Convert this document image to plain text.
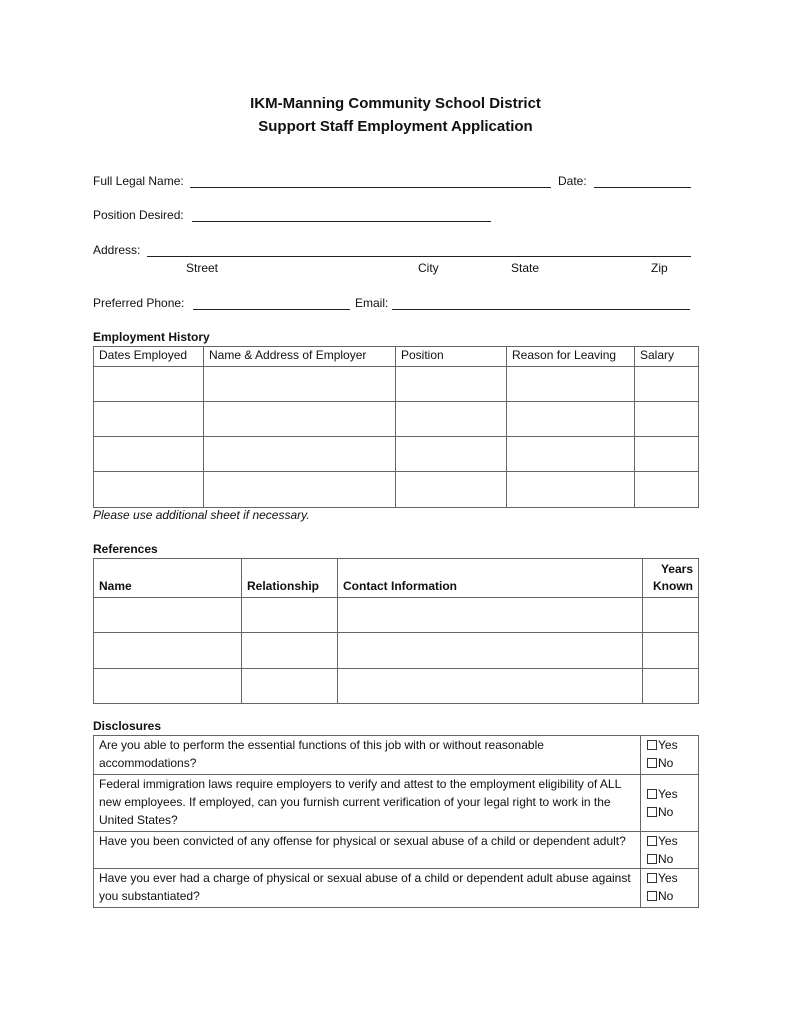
IKM-Manning Community School District
Support Staff Employment Application
Full Legal Name:	Date:
Position Desired:
Address:
Street	City	State	Zip
Preferred Phone:	Email:
Employment History
Dates Employed	Name & Address of Employer	Position	Reason for Leaving	Salary

Please use additional sheet if necessary.
References
Name	Relationship	Contact Information	Years Known

Disclosures
Are you able to perform the essential functions of this job with or without reasonable accommodations?	Yes
No

Federal immigration laws require employers to verify and attest to the employment eligibility of ALL new employees. If employed, can you furnish current verification of your legal right to work in the United States?	Yes
No

Have you been convicted of any offense for physical or sexual abuse of a child or dependent adult?	Yes
No

Have you ever had a charge of physical or sexual abuse of a child or dependent adult abuse against you substantiated?	Yes
No
